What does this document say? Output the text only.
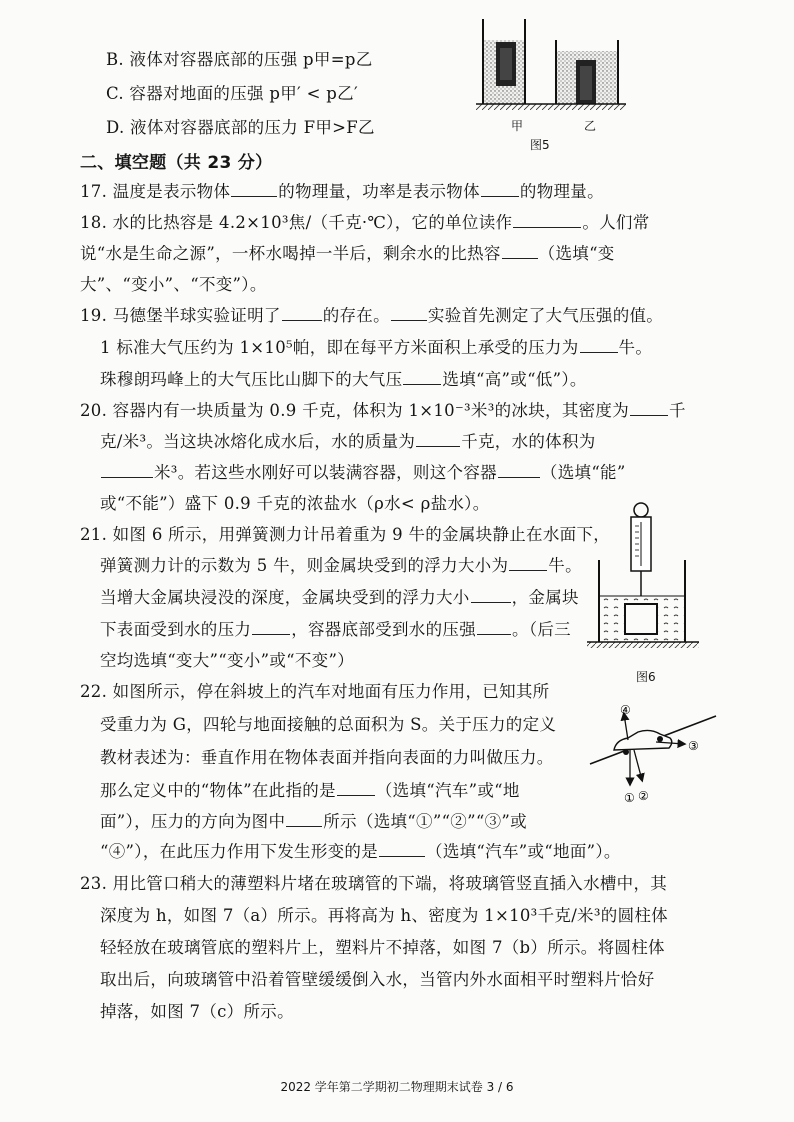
B. 液体对容器底部的压强 p甲=p乙
C. 容器对地面的压强 p甲′ < p乙′
D. 液体对容器底部的压力 F甲>F乙	甲	乙
图5
二、填空题（共 23 分）
17. 温度是表示物体	的物理量，功率是表示物体 的物理量。
18. 水的比热容是 4.2×10³焦/（千克·℃），它的单位读作	。人们常
说“水是生命之源”，一杯水喝掉一半后，剩余水的比热容 （选填“变
大”、“变小”、“不变”）。
19. 马德堡半球实验证明了	的存在。 实验首先测定了大气压强的值。
1 标准大气压约为 1×10⁵帕，即在每平方米面积上承受的压力为 牛。
珠穆朗玛峰上的大气压比山脚下的大气压 选填“高”或“低”）。
20. 容器内有一块质量为 0.9 千克，体积为 1×10⁻³米³的冰块，其密度为 千
克/米³。当这块冰熔化成水后，水的质量为	千克，水的体积为
米³。若这些水刚好可以装满容器，则这个容器	（选填“能”
或“不能”）盛下 0.9 千克的浓盐水（ρ水< ρ盐水）。
21. 如图 6 所示，用弹簧测力计吊着重为 9 牛的金属块静止在水面下，
弹簧测力计的示数为 5 牛，则金属块受到的浮力大小为 牛。
当增大金属块浸没的深度，金属块受到的浮力大小	，金属块
下表面受到水的压力 ，容器底部受到水的压强 。（后三
空均选填“变大”“变小”或“不变”）
图6
22. 如图所示，停在斜坡上的汽车对地面有压力作用，已知其所
受重力为 G，四轮与地面接触的总面积为 S。关于压力的定义
教材表述为：垂直作用在物体表面并指向表面的力叫做压力。
那么定义中的“物体”在此指的是 （选填“汽车”或“地
面”），压力的方向为图中 所示（选填“①”“②”“③”或
“④”），在此压力作用下发生形变的是	（选填“汽车”或“地面”）。
④
③
① ②
23. 用比管口稍大的薄塑料片堵在玻璃管的下端，将玻璃管竖直插入水槽中，其
深度为 h，如图 7（a）所示。再将高为 h、密度为 1×10³千克/米³的圆柱体
轻轻放在玻璃管底的塑料片上，塑料片不掉落，如图 7（b）所示。将圆柱体
取出后，向玻璃管中沿着管壁缓缓倒入水，当管内外水面相平时塑料片恰好
掉落，如图 7（c）所示。
2022 学年第二学期初二物理期末试卷 3 / 6
